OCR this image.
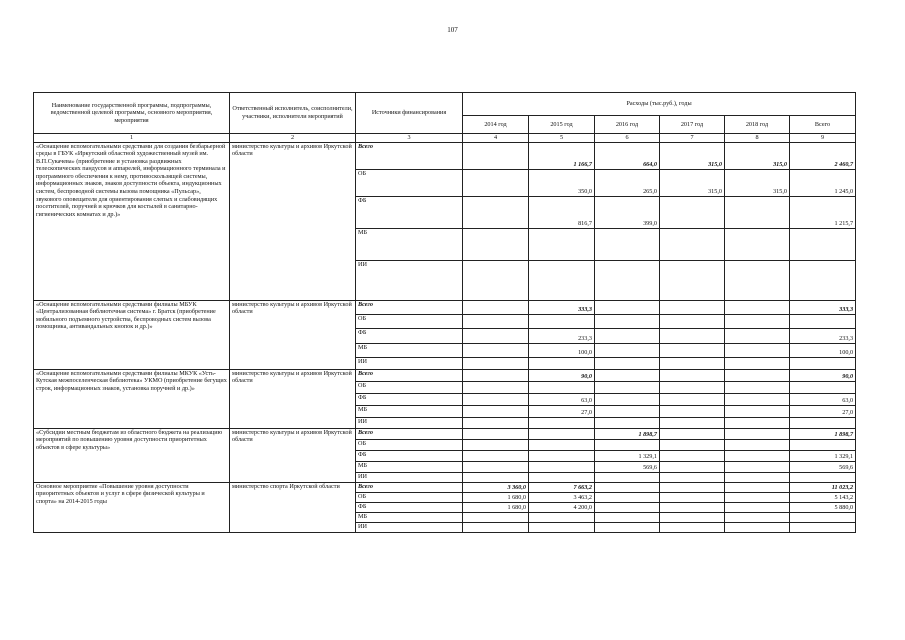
107
Наименование государственной программы, подпрограммы, ведомственной целевой программы, основного мероприятия, мероприятия	Ответственный исполнитель, соисполнители, участники, исполнители мероприятий	Источники финансирования	Расходы (тыс.руб.), годы					
			2014 год	2015 год	2016 год	2017 год	2018 год	Всего
1	2	3	4	5	6	7	8	9
«Оснащение вспомогательными средствами для создания безбарьерной среды в ГБУК «Иркутский областной художественный музей им. В.П.Сукачева» (приобретение и установка раздвижных телескопических пандусов и аппарелей, информационного терминала и программного обеспечения к нему, противоскользящей системы, информационных знаков, знаков доступности объекта, индукционных систем, беспроводной системы вызова помощника «Пульсар», звукового оповещателя для ориентирования слепых и слабовидящих посетителей, поручней и крючков для костылей в санитарно-гигиенических комнатах и др.)»	министерство культуры и архивов Иркутской области	Всего		1 166,7	664,0	315,0	315,0	2 460,7
		ОБ		350,0	265,0	315,0	315,0	1 245,0
		ФБ		816,7	399,0			1 215,7
		МБ						
		ИИ						
«Оснащение вспомогательными средствами филиалы МБУК «Централизованная библиотечная система» г. Братск (приобретение мобильного подъемного устройства, беспроводных систем вызова помощника, антивандальных кнопок и др.)»	министерство культуры и архивов Иркутской области	Всего		333,3				333,3
		ОБ						
		ФБ		233,3				233,3
		МБ		100,0				100,0
		ИИ						
«Оснащение вспомогательными средствами филиалы МКУК «Усть-Кутская межпоселенческая библиотека» УКМО (приобретение бегущих строк, информационных знаков, установка поручней и др.)»	министерство культуры и архивов Иркутской области	Всего		90,0				90,0
		ОБ						
		ФБ		63,0				63,0
		МБ		27,0				27,0
		ИИ						
«Субсидии местным бюджетам из областного бюджета на реализацию мероприятий по повышению уровня доступности приоритетных объектов в сфере культуры»	министерство культуры и архивов Иркутской области	Всего			1 898,7			1 898,7
		ОБ						
		ФБ			1 329,1			1 329,1
		МБ			569,6			569,6
		ИИ						
Основное мероприятие «Повышение уровня доступности приоритетных объектов и услуг в сфере физической культуры и спорта» на 2014-2015 годы	министерство спорта Иркутской области	Всего	3 360,0	7 663,2				11 023,2
		ОБ	1 680,0	3 463,2				5 143,2
		ФБ	1 680,0	4 200,0				5 880,0
		МБ						
		ИИ						
